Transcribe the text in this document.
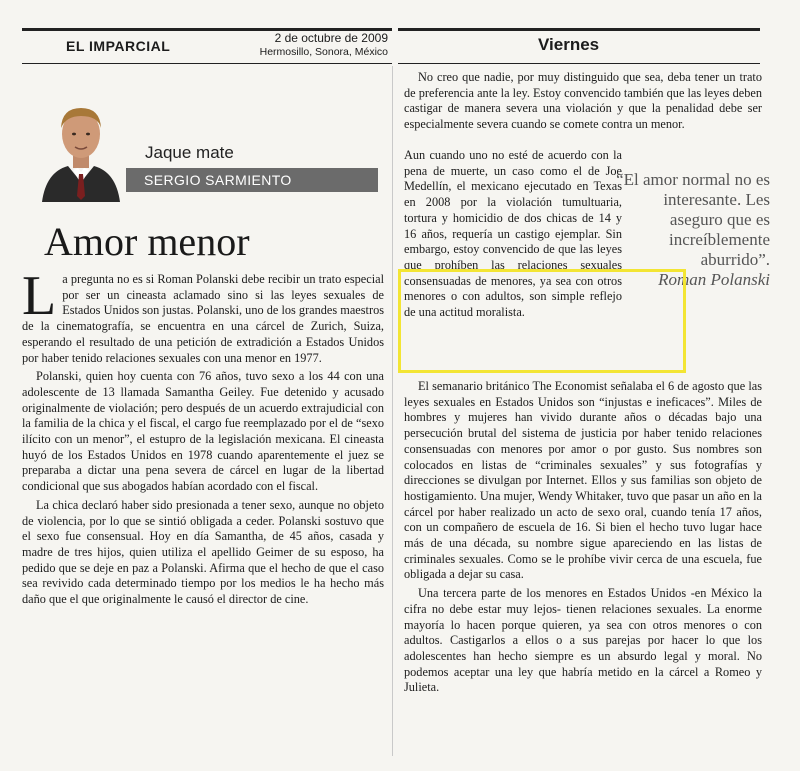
EL IMPARCIAL	2 de octubre de 2009
Hermosillo, Sonora, México	Viernes
Jaque mate
SERGIO SARMIENTO
Amor menor

La pregunta no es si Roman Polanski debe recibir un trato especial por ser un cineasta aclamado sino si las leyes sexuales de Estados Unidos son justas. Polanski, uno de los grandes maestros de la cinematografía, se encuentra en una cárcel de Zurich, Suiza, esperando el resultado de una petición de extradición a Estados Unidos por haber tenido relaciones sexuales con una menor en 1977.

Polanski, quien hoy cuenta con 76 años, tuvo sexo a los 44 con una adolescente de 13 llamada Samantha Geiley. Fue detenido y acusado originalmente de violación; pero después de un acuerdo extrajudicial con la familia de la chica y el fiscal, el cargo fue reemplazado por el de “sexo ilícito con un menor”, el estupro de la legislación mexicana. El cineasta huyó de los Estados Unidos en 1978 cuando aparentemente el juez se preparaba a dictar una pena severa de cárcel en lugar de la libertad condicional que sus abogados habían acordado con el fiscal.

La chica declaró haber sido presionada a tener sexo, aunque no objeto de violencia, por lo que se sintió obligada a ceder. Polanski sostuvo que el sexo fue consensual. Hoy en día Samantha, de 45 años, casada y madre de tres hijos, quien utiliza el apellido Geimer de su esposo, ha pedido que se deje en paz a Polanski. Afirma que el hecho de que el caso sea revivido cada determinado tiempo por los medios le ha hecho más daño que el que originalmente le causó el director de cine.

No creo que nadie, por muy distinguido que sea, deba tener un trato de preferencia ante la ley. Estoy convencido también que las leyes deben castigar de manera severa una violación y que la penalidad debe ser especialmente severa cuando se comete contra un menor.

Aun cuando uno no esté de acuerdo con la pena de muerte, un caso como el de Joe Medellín, el mexicano ejecutado en Texas en 2008 por la violación tumultuaria, tortura y homicidio de dos chicas de 14 y 16 años, requería un castigo ejemplar. Sin embargo, estoy convencido de que las leyes que prohíben las relaciones sexuales consensuadas de menores, ya sea con otros menores o con adultos, son simple reflejo de una actitud moralista.

“El amor normal no es interesante. Les aseguro que es increíblemente aburrido”.
Roman Polanski

El semanario británico The Economist señalaba el 6 de agosto que las leyes sexuales en Estados Unidos son “injustas e ineficaces”. Miles de hombres y mujeres han vivido durante años o décadas bajo una persecución brutal del sistema de justicia por haber tenido relaciones consensuadas con menores por amor o por gusto. Sus nombres son colocados en listas de “criminales sexuales” y sus fotografías y direcciones se divulgan por Internet. Ellos y sus familias son objeto de hostigamiento. Una mujer, Wendy Whitaker, tuvo que pasar un año en la cárcel por haber realizado un acto de sexo oral, cuando tenía 17 años, con un compañero de escuela de 16. Si bien el hecho tuvo lugar hace más de una década, su nombre sigue apareciendo en las listas de criminales sexuales. Como se le prohíbe vivir cerca de una escuela, fue obligada a dejar su casa.

Una tercera parte de los menores en Estados Unidos -en México la cifra no debe estar muy lejos- tienen relaciones sexuales. La enorme mayoría lo hacen porque quieren, ya sea con otros menores o con adultos. Castigarlos a ellos o a sus parejas por hacer lo que los adolescentes han hecho siempre es un absurdo legal y moral. No podemos aceptar una ley que habría metido en la cárcel a Romeo y Julieta.
